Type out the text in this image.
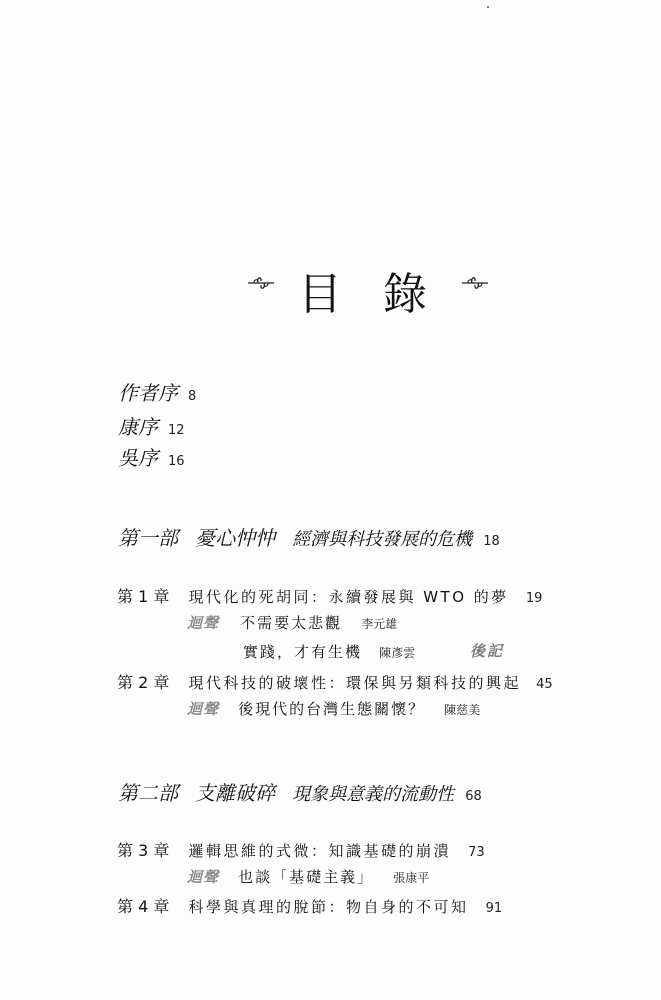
目 錄
作者序 8
康序 12
吳序 16
第一部 憂心忡忡 經濟與科技發展的危機 18
第 1 章 現代化的死胡同：永續發展與 WTO 的夢 19
迴聲 不需要太悲觀 李元雄
實踐，才有生機 陳彥雲	後記
第 2 章 現代科技的破壞性：環保與另類科技的興起 45
迴聲 後現代的台灣生態關懷？ 陳慈美
第二部 支離破碎 現象與意義的流動性 68
第 3 章 邏輯思維的式微：知識基礎的崩潰 73
迴聲 也談「基礎主義」 張康平
第 4 章 科學與真理的脫節：物自身的不可知 91
